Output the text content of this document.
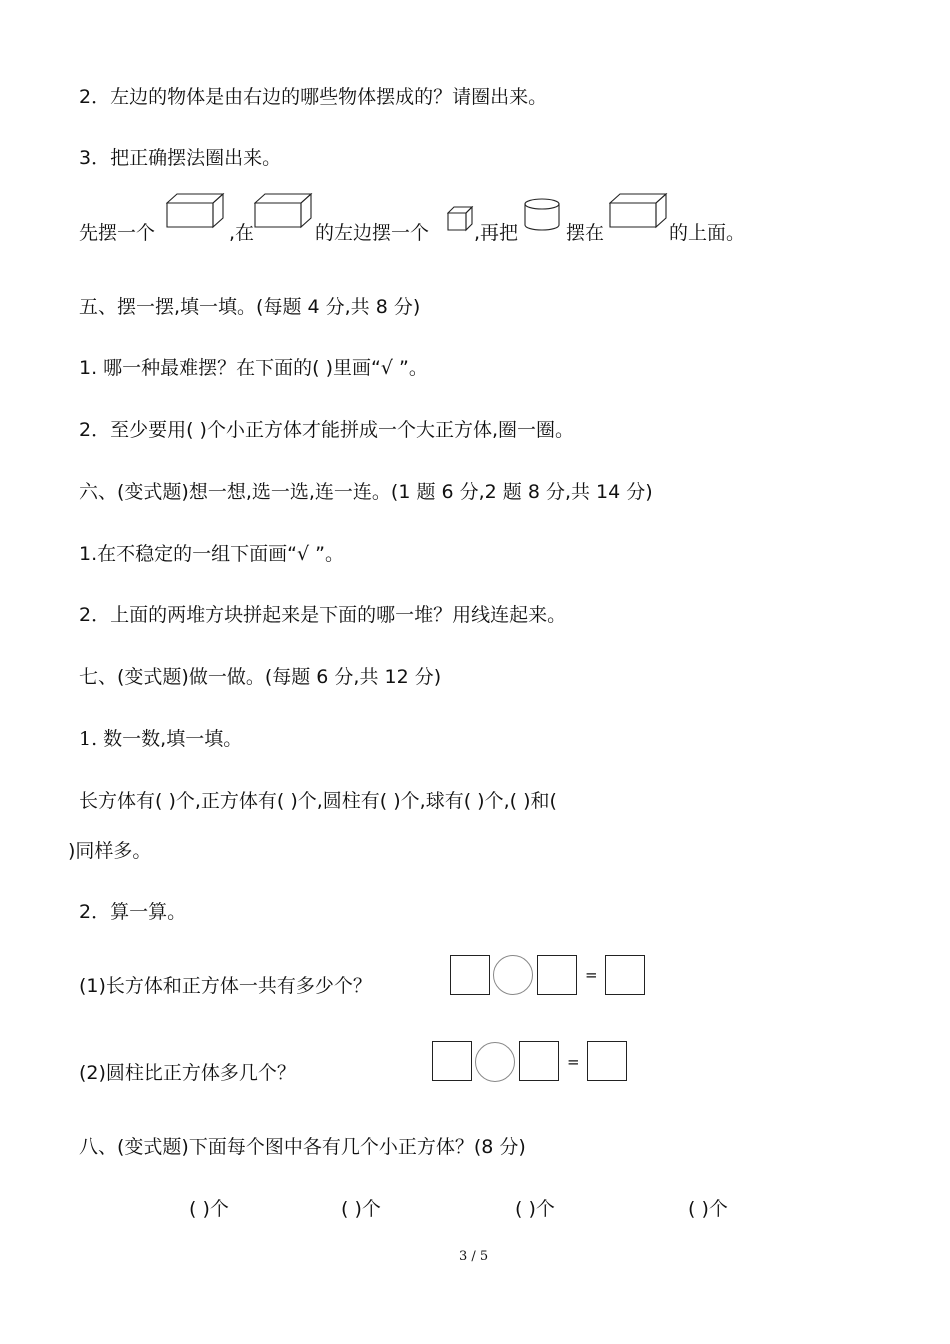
2．左边的物体是由右边的哪些物体摆成的？请圈出来。
3．把正确摆法圈出来。
先摆一个	,在	的左边摆一个 ,再把	摆在	的上面。
五、摆一摆,填一填。(每题 4 分,共 8 分)
1. 哪一种最难摆？在下面的( )里画“√ ”。
2．至少要用( )个小正方体才能拼成一个大正方体,圈一圈。
六、(变式题)想一想,选一选,连一连。(1 题 6 分,2 题 8 分,共 14 分)
1.在不稳定的一组下面画“√ ”。
2．上面的两堆方块拼起来是下面的哪一堆？用线连起来。
七、(变式题)做一做。(每题 6 分,共 12 分)
1. 数一数,填一填。
长方体有( )个,正方体有( )个,圆柱有( )个,球有( )个,( )和(
)同样多。
2．算一算。
(1)长方体和正方体一共有多少个？	=
(2)圆柱比正方体多几个？	=
八、(变式题)下面每个图中各有几个小正方体？(8 分)
( )个	( )个	( )个	( )个
3 / 5
